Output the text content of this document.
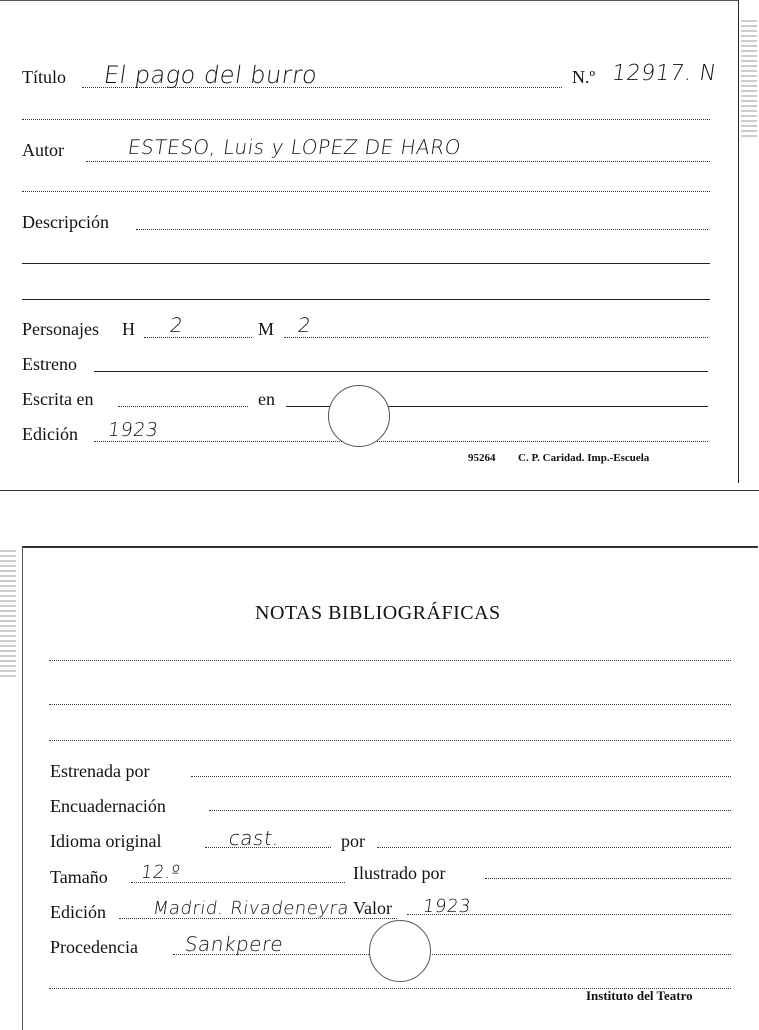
Título El pago del burro	N.º 12917. N
Autor	ESTESO, Luis y LOPEZ DE HARO
Descripción
Personajes H 2	M 2
Estreno
Escrita en	en
Edición 1923
95264 C. P. Caridad. Imp.-Escuela
NOTAS BIBLIOGRÁFICAS
Estrenada por
Encuadernación
Idioma original	cast.	por
Tamaño 12.º	Ilustrado por
Edición	Madrid. Rivadeneyra Valor 1923
Procedencia Sankpere
Instituto del Teatro
